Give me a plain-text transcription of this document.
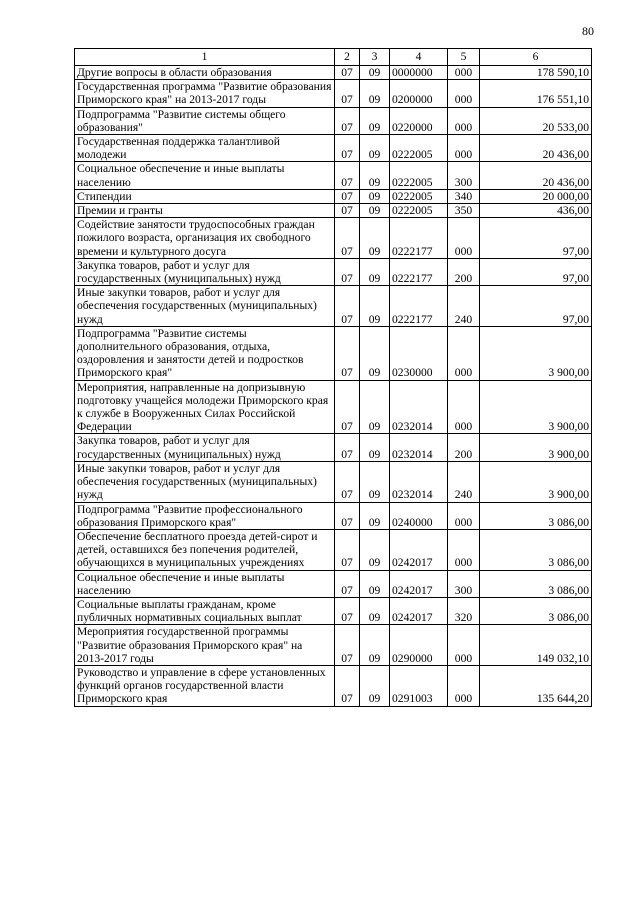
80
1	2	3	4	5	6
Другие вопросы в области образования	07	09	0000000	000	178 590,10

Государственная программа "Развитие образования Приморского края" на 2013-2017 годы	07	09	0200000	000	176 551,10

Подпрограмма "Развитие системы общего образования"	07	09	0220000	000	20 533,00

Государственная поддержка талантливой молодежи	07	09	0222005	000	20 436,00

Социальное обеспечение и иные выплаты населению	07	09	0222005	300	20 436,00

Стипендии	07	09	0222005	340	20 000,00

Премии и гранты	07	09	0222005	350	436,00

Содействие занятости трудоспособных граждан пожилого возраста, организация их свободного времени и культурного досуга	07	09	0222177	000	97,00

Закупка товаров, работ и услуг для государственных (муниципальных) нужд	07	09	0222177	200	97,00

Иные закупки товаров, работ и услуг для обеспечения государственных (муниципальных) нужд	07	09	0222177	240	97,00

Подпрограмма "Развитие системы дополнительного образования, отдыха, оздоровления и занятости детей и подростков Приморского края"	07	09	0230000	000	3 900,00

Мероприятия, направленные на допризывную подготовку учащейся молодежи Приморского края к службе в Вооруженных Силах Российской Федерации	07	09	0232014	000	3 900,00

Закупка товаров, работ и услуг для государственных (муниципальных) нужд	07	09	0232014	200	3 900,00

Иные закупки товаров, работ и услуг для обеспечения государственных (муниципальных) нужд	07	09	0232014	240	3 900,00

Подпрограмма "Развитие профессионального образования Приморского края"	07	09	0240000	000	3 086,00

Обеспечение бесплатного проезда детей-сирот и детей, оставшихся без попечения родителей, обучающихся в муниципальных учреждениях	07	09	0242017	000	3 086,00

Социальное обеспечение и иные выплаты населению	07	09	0242017	300	3 086,00

Социальные выплаты гражданам, кроме публичных нормативных социальных выплат	07	09	0242017	320	3 086,00

Мероприятия государственной программы "Развитие образования Приморского края" на 2013-2017 годы	07	09	0290000	000	149 032,10

Руководство и управление в сфере установленных функций органов государственной власти Приморского края	07	09	0291003	000	135 644,20
